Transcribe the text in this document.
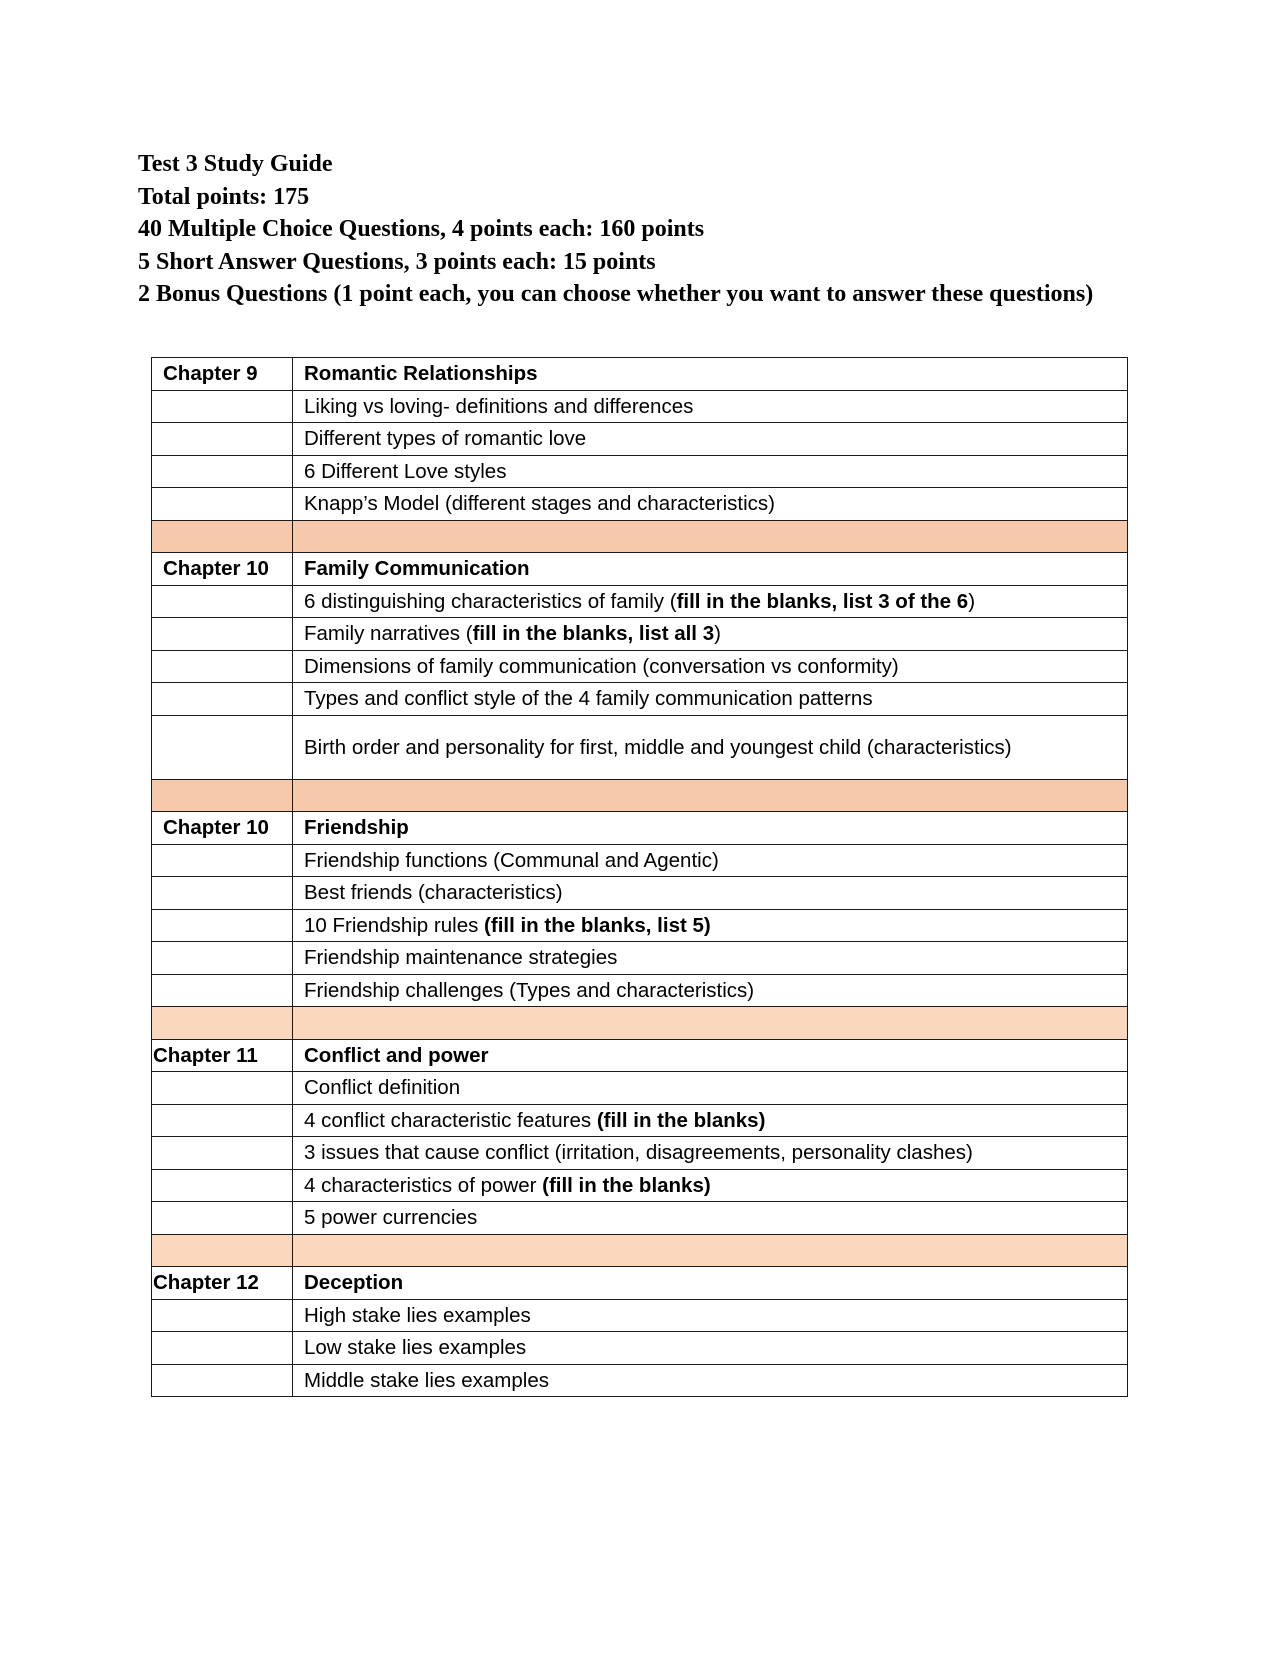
Test 3 Study Guide
Total points: 175
40 Multiple Choice Questions, 4 points each: 160 points
5 Short Answer Questions, 3 points each: 15 points
2 Bonus Questions (1 point each, you can choose whether you want to answer these questions)
Chapter 9	Romantic Relationships
	Liking vs loving- definitions and differences
	Different types of romantic love
	6 Different Love styles
	Knapp’s Model (different stages and characteristics)

Chapter 10	Family Communication
	6 distinguishing characteristics of family (fill in the blanks, list 3 of the 6)
	Family narratives (fill in the blanks, list all 3)
	Dimensions of family communication (conversation vs conformity)
	Types and conflict style of the 4 family communication patterns
	Birth order and personality for first, middle and youngest child (characteristics)

Chapter 10	Friendship
	Friendship functions (Communal and Agentic)
	Best friends (characteristics)
	10 Friendship rules (fill in the blanks, list 5)
	Friendship maintenance strategies
	Friendship challenges (Types and characteristics)

Chapter 11	Conflict and power
	Conflict definition
	4 conflict characteristic features (fill in the blanks)
	3 issues that cause conflict (irritation, disagreements, personality clashes)
	4 characteristics of power (fill in the blanks)
	5 power currencies

Chapter 12	Deception
	High stake lies examples
	Low stake lies examples
	Middle stake lies examples
